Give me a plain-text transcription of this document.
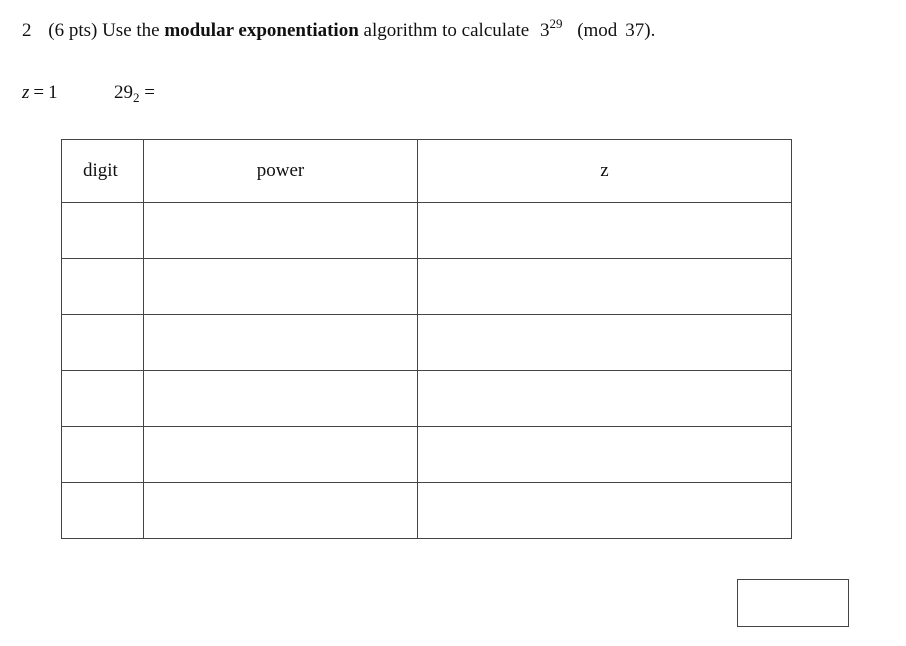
2 (6 pts) Use the modular exponentiation algorithm to calculate $3^{29}$ (mod 37).
z = 1	$29_2$ =
digit	power	z
